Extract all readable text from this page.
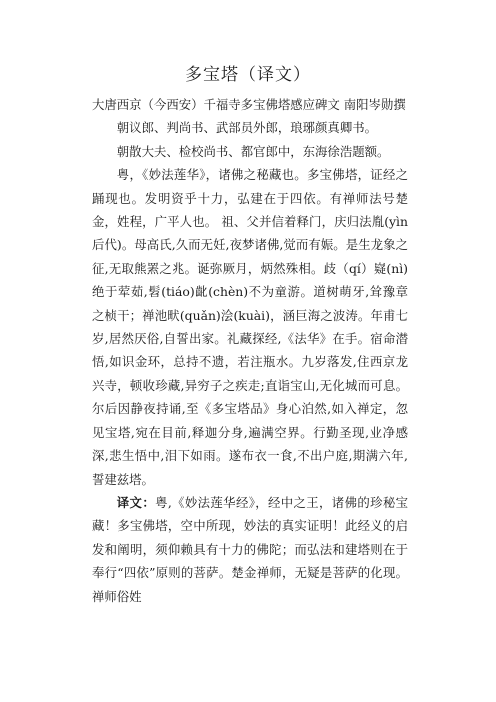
多宝塔（译文）

大唐西京（今西安）千福寺多宝佛塔感应碑文 南阳岑勋撰

朝议郎、判尚书、武部员外郎，琅琊颜真卿书。

朝散大夫、检校尚书、都官郎中，东海徐浩题额。

粤，《妙法莲华》，诸佛之秘藏也。多宝佛塔，证经之踊现也。发明资乎十力，弘建在于四依。有禅师法号楚金，姓程，广平人也。 祖、父并信着释门，庆归法胤(yìn 后代)。母高氏,久而无妊,夜梦诸佛,觉而有娠。是生龙象之征,无取熊罴之兆。诞弥厥月，炳然殊相。歧（qí）嶷(nì)绝于荤茹,髫(tiáo)齔(chèn)不为童游。道树萌牙,耸豫章之桢干；禅池畎(quǎn)浍(kuài)，涵巨海之波涛。年甫七岁,居然厌俗,自誓出家。礼藏探经,《法华》在手。宿命潜悟,如识金环，总持不遗，若注瓶水。九岁落发,住西京龙兴寺，顿收珍藏,异穷子之疾走;直诣宝山,无化城而可息。尔后因静夜持诵,至《多宝塔品》身心泊然,如入禅定，忽见宝塔,宛在目前,释迦分身,遍满空界。行勤圣现,业净感深,悲生悟中,泪下如雨。遂布衣一食,不出户庭,期满六年,誓建兹塔。

译文：粤,《妙法莲华经》，经中之王，诸佛的珍秘宝藏！多宝佛塔，空中所现，妙法的真实证明！此经义的启发和阐明，须仰赖具有十力的佛陀；而弘法和建塔则在于奉行“四依”原则的菩萨。楚金禅师，无疑是菩萨的化现。禅师俗姓
